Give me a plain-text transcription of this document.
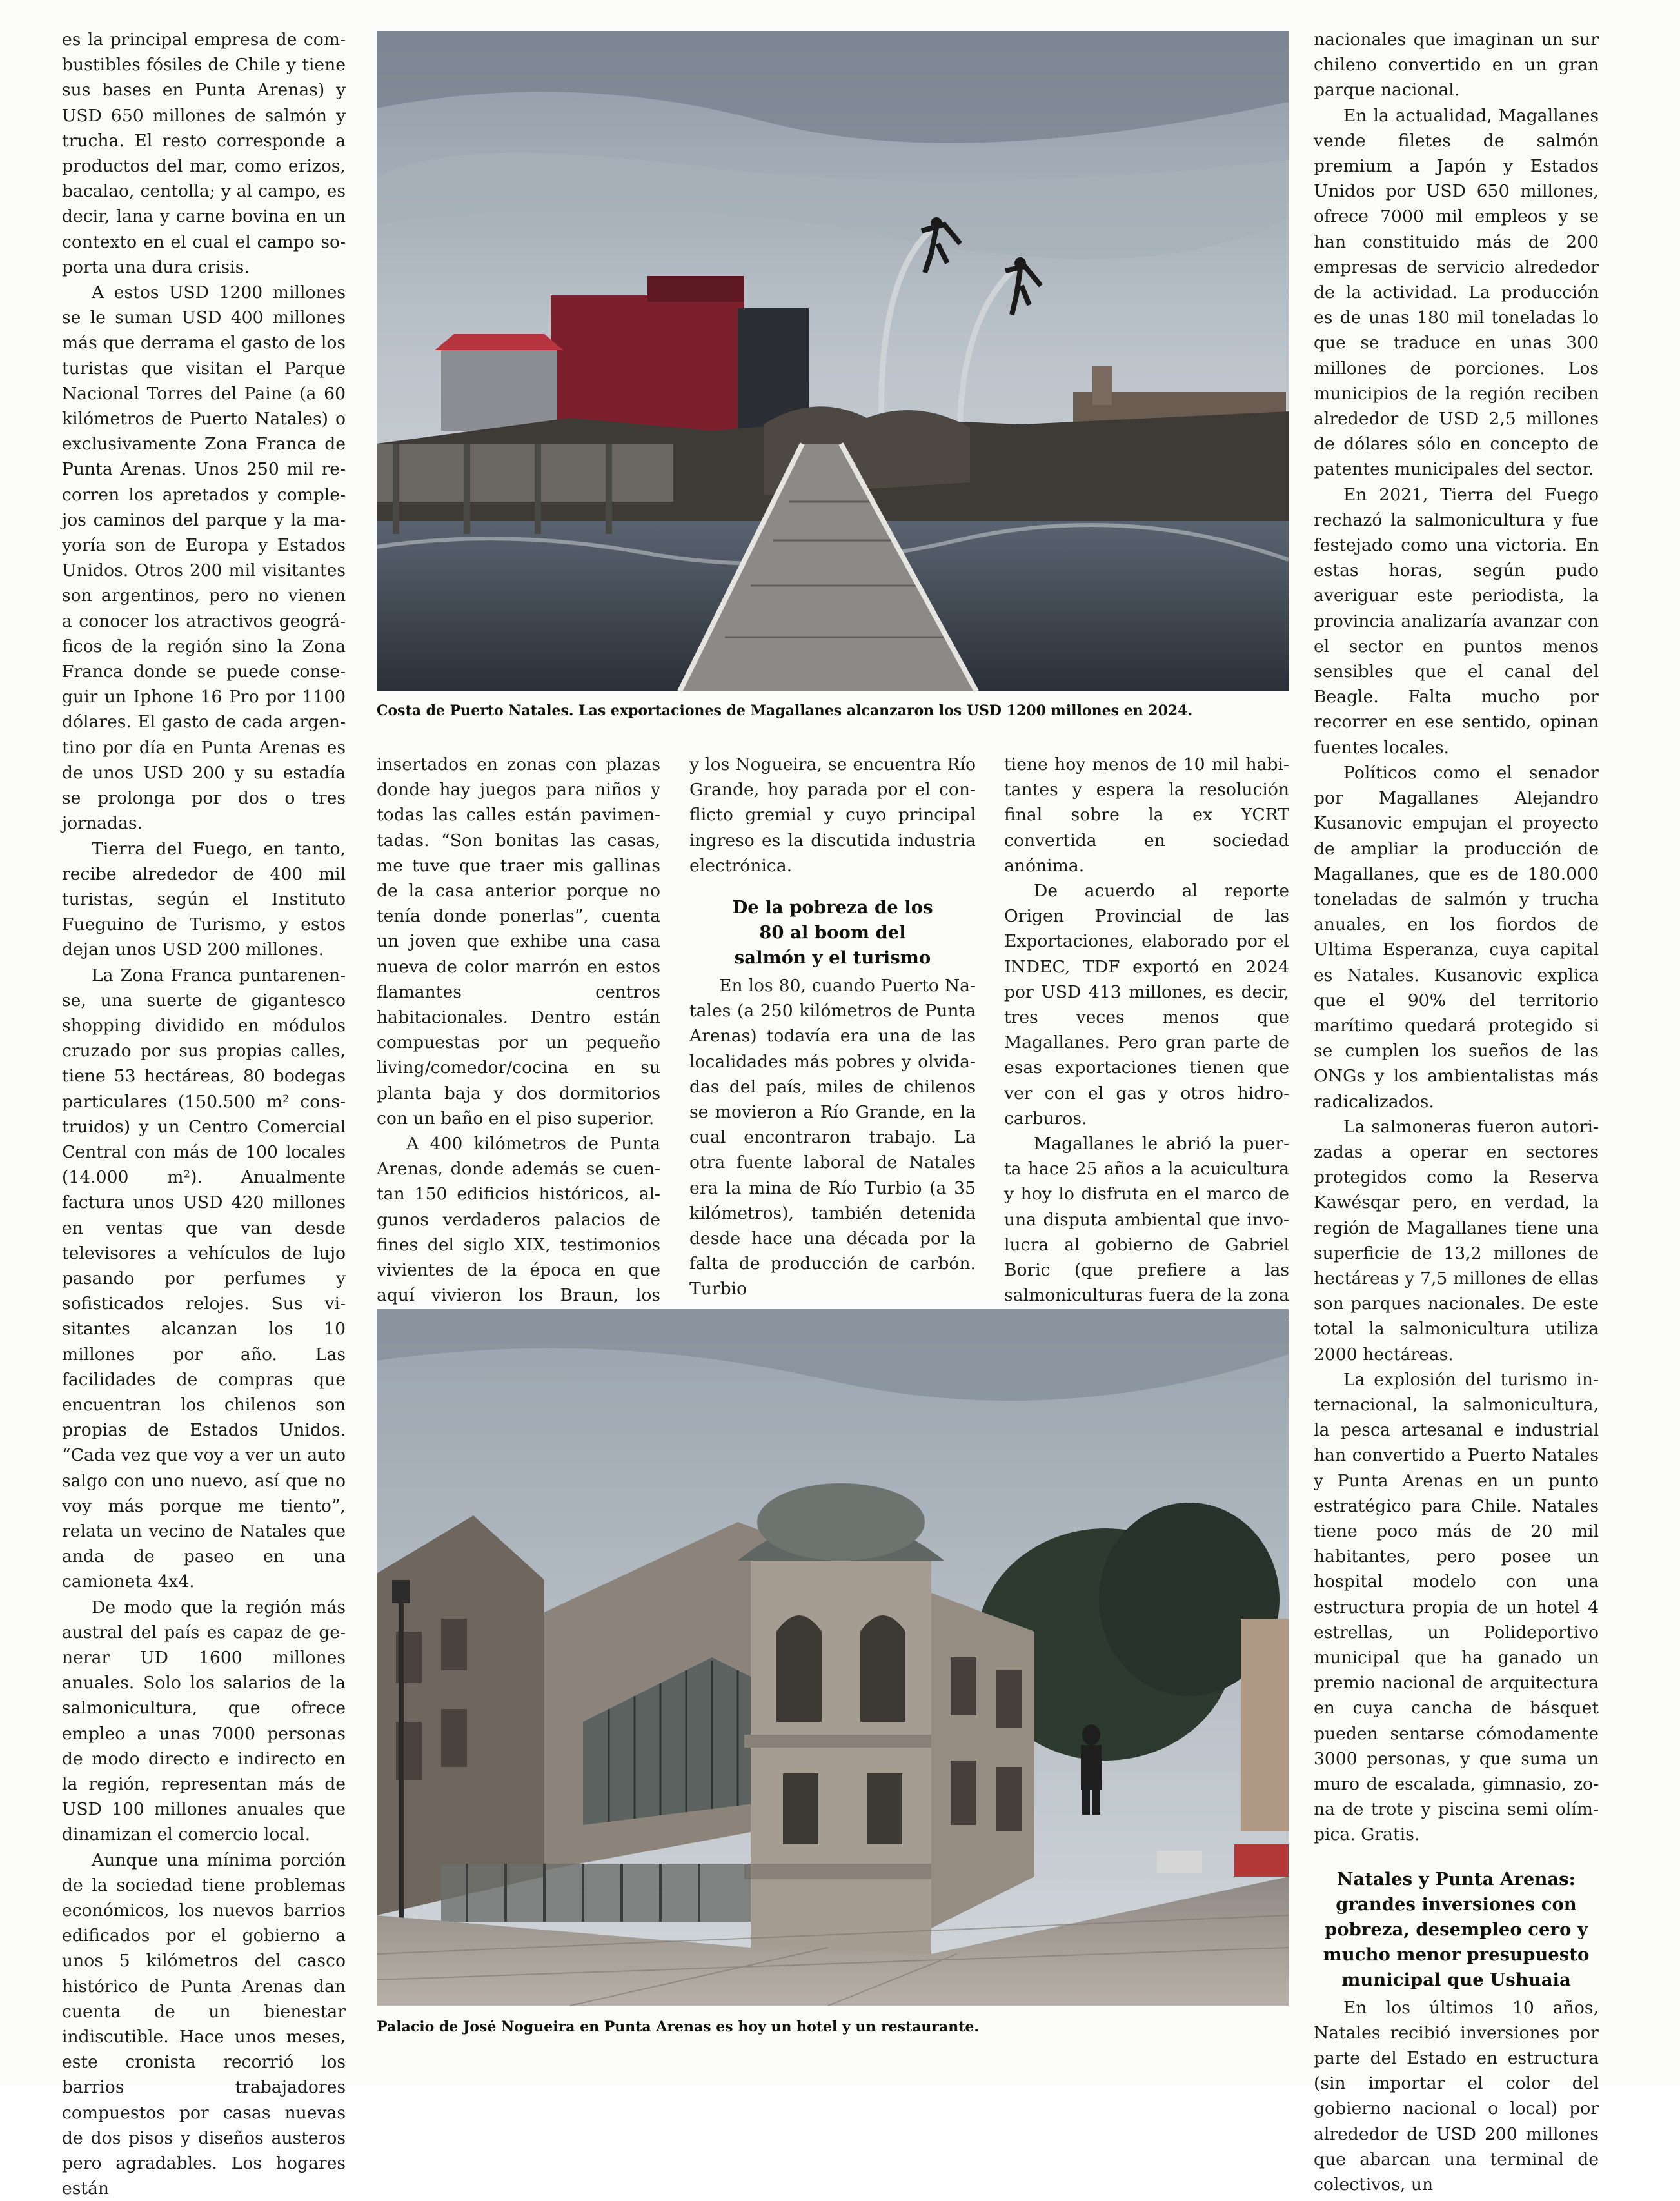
es la principal empresa de combustibles fósiles de Chile y tiene sus bases en Punta Arenas) y USD 650 millones de salmón y trucha. El resto corresponde a productos del mar, como erizos, bacalao, centolla; y al campo, es decir, lana y carne bovina en un contexto en el cual el campo soporta una dura crisis.

A estos USD 1200 millones se le suman USD 400 millones más que derrama el gasto de los turistas que visitan el Parque Nacional Torres del Paine (a 60 kilómetros de Puerto Natales) o exclusivamente Zona Franca de Punta Arenas. Unos 250 mil recorren los apretados y complejos caminos del parque y la mayoría son de Europa y Estados Unidos. Otros 200 mil visitantes son argentinos, pero no vienen a conocer los atractivos geográficos de la región sino la Zona Franca donde se puede conseguir un Iphone 16 Pro por 1100 dólares. El gasto de cada argentino por día en Punta Arenas es de unos USD 200 y su estadía se prolonga por dos o tres jornadas.

Tierra del Fuego, en tanto, recibe alrededor de 400 mil turistas, según el Instituto Fueguino de Turismo, y estos dejan unos USD 200 millones.

La Zona Franca puntarenense, una suerte de gigantesco shopping dividido en módulos cruzado por sus propias calles, tiene 53 hectáreas, 80 bodegas particulares (150.500 m² construidos) y un Centro Comercial Central con más de 100 locales (14.000 m²). Anualmente factura unos USD 420 millones en ventas que van desde televisores a vehículos de lujo pasando por perfumes y sofisticados relojes. Sus visitantes alcanzan los 10 millones por año. Las facilidades de compras que encuentran los chilenos son propias de Estados Unidos. “Cada vez que voy a ver un auto salgo con uno nuevo, así que no voy más porque me tiento”, relata un vecino de Natales que anda de paseo en una camioneta 4x4.

De modo que la región más austral del país es capaz de generar UD 1600 millones anuales. Solo los salarios de la salmonicultura, que ofrece empleo a unas 7000 personas de modo directo e indirecto en la región, representan más de USD 100 millones anuales que dinamizan el comercio local.

Aunque una mínima porción de la sociedad tiene problemas económicos, los nuevos barrios edificados por el gobierno a unos 5 kilómetros del casco histórico de Punta Arenas dan cuenta de un bienestar indiscutible. Hace unos meses, este cronista recorrió los barrios trabajadores compuestos por casas nuevas de dos pisos y diseños austeros pero agradables. Los hogares están

Costa de Puerto Natales. Las exportaciones de Magallanes alcanzaron los USD 1200 millones en 2024.

insertados en zonas con plazas donde hay juegos para niños y todas las calles están pavimentadas. “Son bonitas las casas, me tuve que traer mis gallinas de la casa anterior porque no tenía donde ponerlas”, cuenta un joven que exhibe una casa nueva de color marrón en estos flamantes centros habitacionales. Dentro están compuestas por un pequeño living/comedor/cocina en su planta baja y dos dormitorios con un baño en el piso superior.

A 400 kilómetros de Punta Arenas, donde además se cuentan 150 edificios históricos, algunos verdaderos palacios de fines del siglo XIX, testimonios vivientes de la época en que aquí vivieron los Braun, los

y los Nogueira, se encuentra Río Grande, hoy parada por el conflicto gremial y cuyo principal ingreso es la discutida industria electrónica.

De la pobreza de los 80 al boom del salmón y el turismo

En los 80, cuando Puerto Natales (a 250 kilómetros de Punta Arenas) todavía era una de las localidades más pobres y olvidadas del país, miles de chilenos se movieron a Río Grande, en la cual encontraron trabajo. La otra fuente laboral de Natales era la mina de Río Turbio (a 35 kilómetros), también detenida desde hace una década por la falta de producción de carbón. Turbio

tiene hoy menos de 10 mil habitantes y espera la resolución final sobre la ex YCRT convertida en sociedad anónima.

De acuerdo al reporte Origen Provincial de las Exportaciones, elaborado por el INDEC, TDF exportó en 2024 por USD 413 millones, es decir, tres veces menos que Magallanes. Pero gran parte de esas exportaciones tienen que ver con el gas y otros hidrocarburos.

Magallanes le abrió la puerta hace 25 años a la acuicultura y hoy lo disfruta en el marco de una disputa ambiental que involucra al gobierno de Gabriel Boric (que prefiere a las salmoniculturas fuera de la zona

Palacio de José Nogueira en Punta Arenas es hoy un hotel y un restaurante.

nacionales que imaginan un sur chileno convertido en un gran parque nacional.

En la actualidad, Magallanes vende filetes de salmón premium a Japón y Estados Unidos por USD 650 millones, ofrece 7000 mil empleos y se han constituido más de 200 empresas de servicio alrededor de la actividad. La producción es de unas 180 mil toneladas lo que se traduce en unas 300 millones de porciones. Los municipios de la región reciben alrededor de USD 2,5 millones de dólares sólo en concepto de patentes municipales del sector.

En 2021, Tierra del Fuego rechazó la salmonicultura y fue festejado como una victoria. En estas horas, según pudo averiguar este periodista, la provincia analizaría avanzar con el sector en puntos menos sensibles que el canal del Beagle. Falta mucho por recorrer en ese sentido, opinan fuentes locales.

Políticos como el senador por Magallanes Alejandro Kusanovic empujan el proyecto de ampliar la producción de Magallanes, que es de 180.000 toneladas de salmón y trucha anuales, en los fiordos de Ultima Esperanza, cuya capital es Natales. Kusanovic explica que el 90% del territorio marítimo quedará protegido si se cumplen los sueños de las ONGs y los ambientalistas más radicalizados.

La salmoneras fueron autorizadas a operar en sectores protegidos como la Reserva Kawésqar pero, en verdad, la región de Magallanes tiene una superficie de 13,2 millones de hectáreas y 7,5 millones de ellas son parques nacionales. De este total la salmonicultura utiliza 2000 hectáreas.

La explosión del turismo internacional, la salmonicultura, la pesca artesanal e industrial han convertido a Puerto Natales y Punta Arenas en un punto estratégico para Chile. Natales tiene poco más de 20 mil habitantes, pero posee un hospital modelo con una estructura propia de un hotel 4 estrellas, un Polideportivo municipal que ha ganado un premio nacional de arquitectura en cuya cancha de básquet pueden sentarse cómodamente 3000 personas, y que suma un muro de escalada, gimnasio, zona de trote y piscina semi olímpica. Gratis.

Natales y Punta Arenas: grandes inversiones con pobreza, desempleo cero y mucho menor presupuesto municipal que Ushuaia

En los últimos 10 años, Natales recibió inversiones por parte del Estado en estructura (sin importar el color del gobierno nacional o local) por alrededor de USD 200 millones que abarcan una terminal de colectivos, un
